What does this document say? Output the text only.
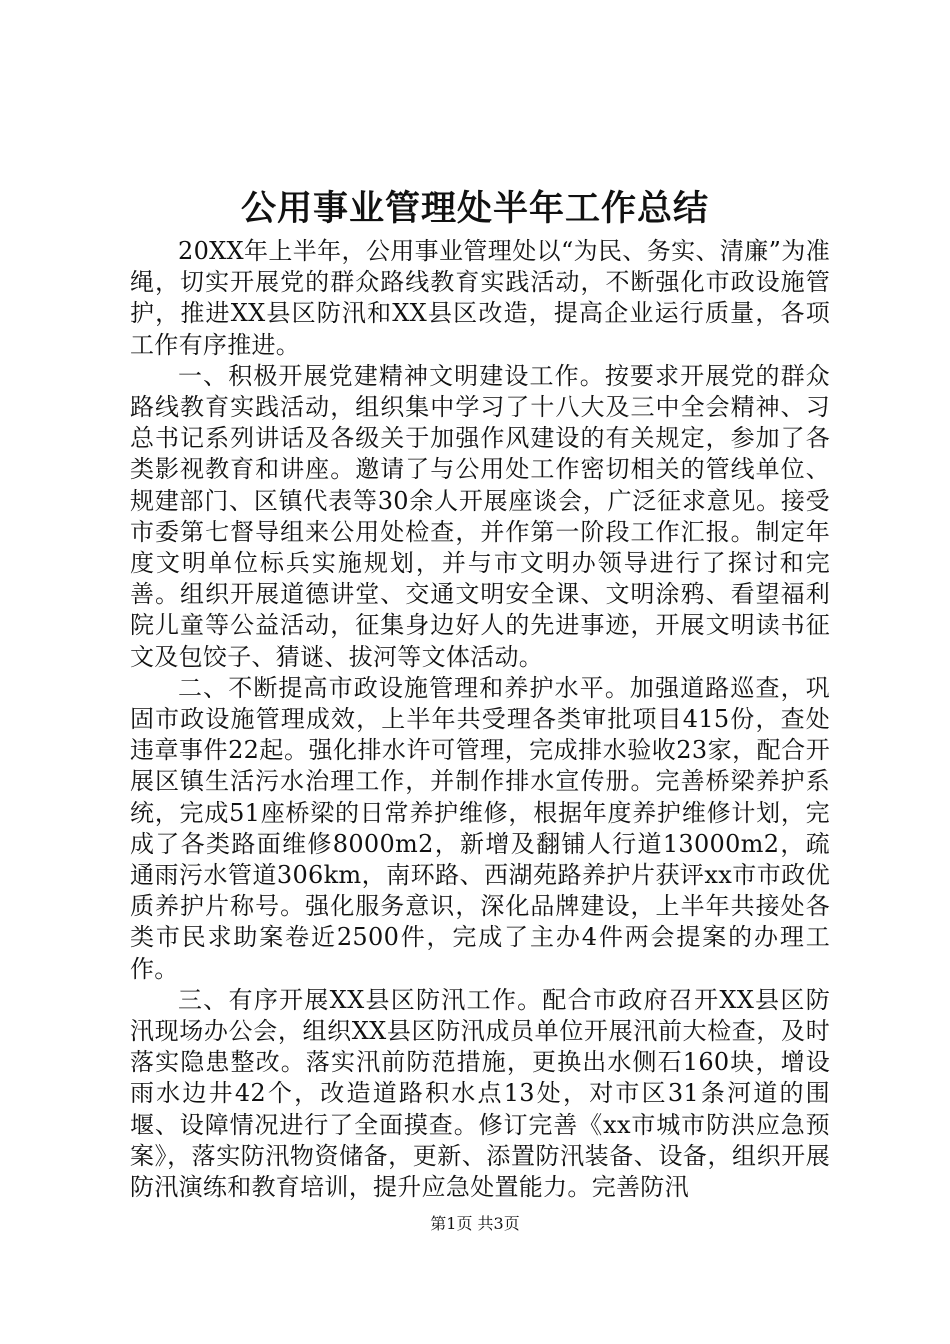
公用事业管理处半年工作总结

20XX年上半年，公用事业管理处以“为民、务实、清廉”为准绳，切实开展党的群众路线教育实践活动，不断强化市政设施管护，推进XX县区防汛和XX县区改造，提高企业运行质量，各项工作有序推进。

一、积极开展党建精神文明建设工作。按要求开展党的群众路线教育实践活动，组织集中学习了十八大及三中全会精神、习总书记系列讲话及各级关于加强作风建设的有关规定，参加了各类影视教育和讲座。邀请了与公用处工作密切相关的管线单位、规建部门、区镇代表等30余人开展座谈会，广泛征求意见。接受市委第七督导组来公用处检查，并作第一阶段工作汇报。制定年度文明单位标兵实施规划，并与市文明办领导进行了探讨和完善。组织开展道德讲堂、交通文明安全课、文明涂鸦、看望福利院儿童等公益活动，征集身边好人的先进事迹，开展文明读书征文及包饺子、猜谜、拔河等文体活动。

二、不断提高市政设施管理和养护水平。加强道路巡查，巩固市政设施管理成效，上半年共受理各类审批项目415份，查处违章事件22起。强化排水许可管理，完成排水验收23家，配合开展区镇生活污水治理工作，并制作排水宣传册。完善桥梁养护系统，完成51座桥梁的日常养护维修，根据年度养护维修计划，完成了各类路面维修8000m2，新增及翻铺人行道13000m2，疏通雨污水管道306km，南环路、西湖苑路养护片获评xx市市政优质养护片称号。强化服务意识，深化品牌建设，上半年共接处各类市民求助案卷近2500件，完成了主办4件两会提案的办理工作。

三、有序开展XX县区防汛工作。配合市政府召开XX县区防汛现场办公会，组织XX县区防汛成员单位开展汛前大检查，及时落实隐患整改。落实汛前防范措施，更换出水侧石160块，增设雨水边井42个，改造道路积水点13处，对市区31条河道的围堰、设障情况进行了全面摸查。修订完善《xx市城市防洪应急预案》，落实防汛物资储备，更新、添置防汛装备、设备，组织开展防汛演练和教育培训，提升应急处置能力。完善防汛

第1页 共3页
